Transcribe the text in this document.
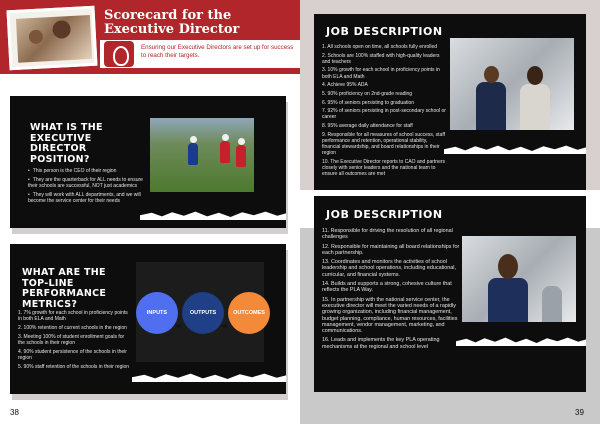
Scorecard for the Executive Director
Ensuring our Executive Directors are set up for success to reach their targets.
WHAT IS THE EXECUTIVE DIRECTOR POSITION?
• This person is the CEO of their region
• They are the quarterback for ALL needs to ensure their schools are successful, NOT just academics
• They will work with ALL departments, and we will become the service center for their needs
WHAT ARE THE TOP-LINE PERFORMANCE METRICS?
1. 7% growth for each school in proficiency points in both ELA and Math
2. 100% retention of current schools in the region
3. Meeting 100% of student enrollment goals for the schools in their region
4. 90% student persistence of the schools in their region
5. 90% staff retention of the schools in their region
INPUTS	OUTPUTS	OUTCOMES
↝	↝
38
JOB DESCRIPTION
1. All schools open on time, all schools fully enrolled
2. Schools are 100% staffed with high-quality leaders and teachers
3. 10% growth for each school in proficiency points in both ELA and Math
4. Achieve 95% ADA
5. 90% proficiency on 2nd-grade reading
6. 95% of seniors persisting to graduation
7. 92% of seniors persisting in post-secondary school or career
8. 95% average daily attendance for staff
9. Responsible for all measures of school success, staff performance and retention, operational stability, financial stewardship, and board relationships in their region
10. The Executive Director reports to CAO and partners closely with senior leaders and the national team to ensure all outcomes are met
JOB DESCRIPTION
11. Responsible for driving the resolution of all regional challenges
12. Responsible for maintaining all board relationships for each partnership.
13. Coordinates and monitors the activities of school leadership and school operations, including educational, curricular, and financial systems.
14. Builds and supports a strong, cohesive culture that reflects the PLA Way.
15. In partnership with the national service center, the executive director will meet the varied needs of a rapidly growing organization, including financial management, budget planning, compliance, human resources, facilities management, vendor management, marketing, and communications.
16. Leads and implements the key PLA operating mechanisms at the regional and school level
39
